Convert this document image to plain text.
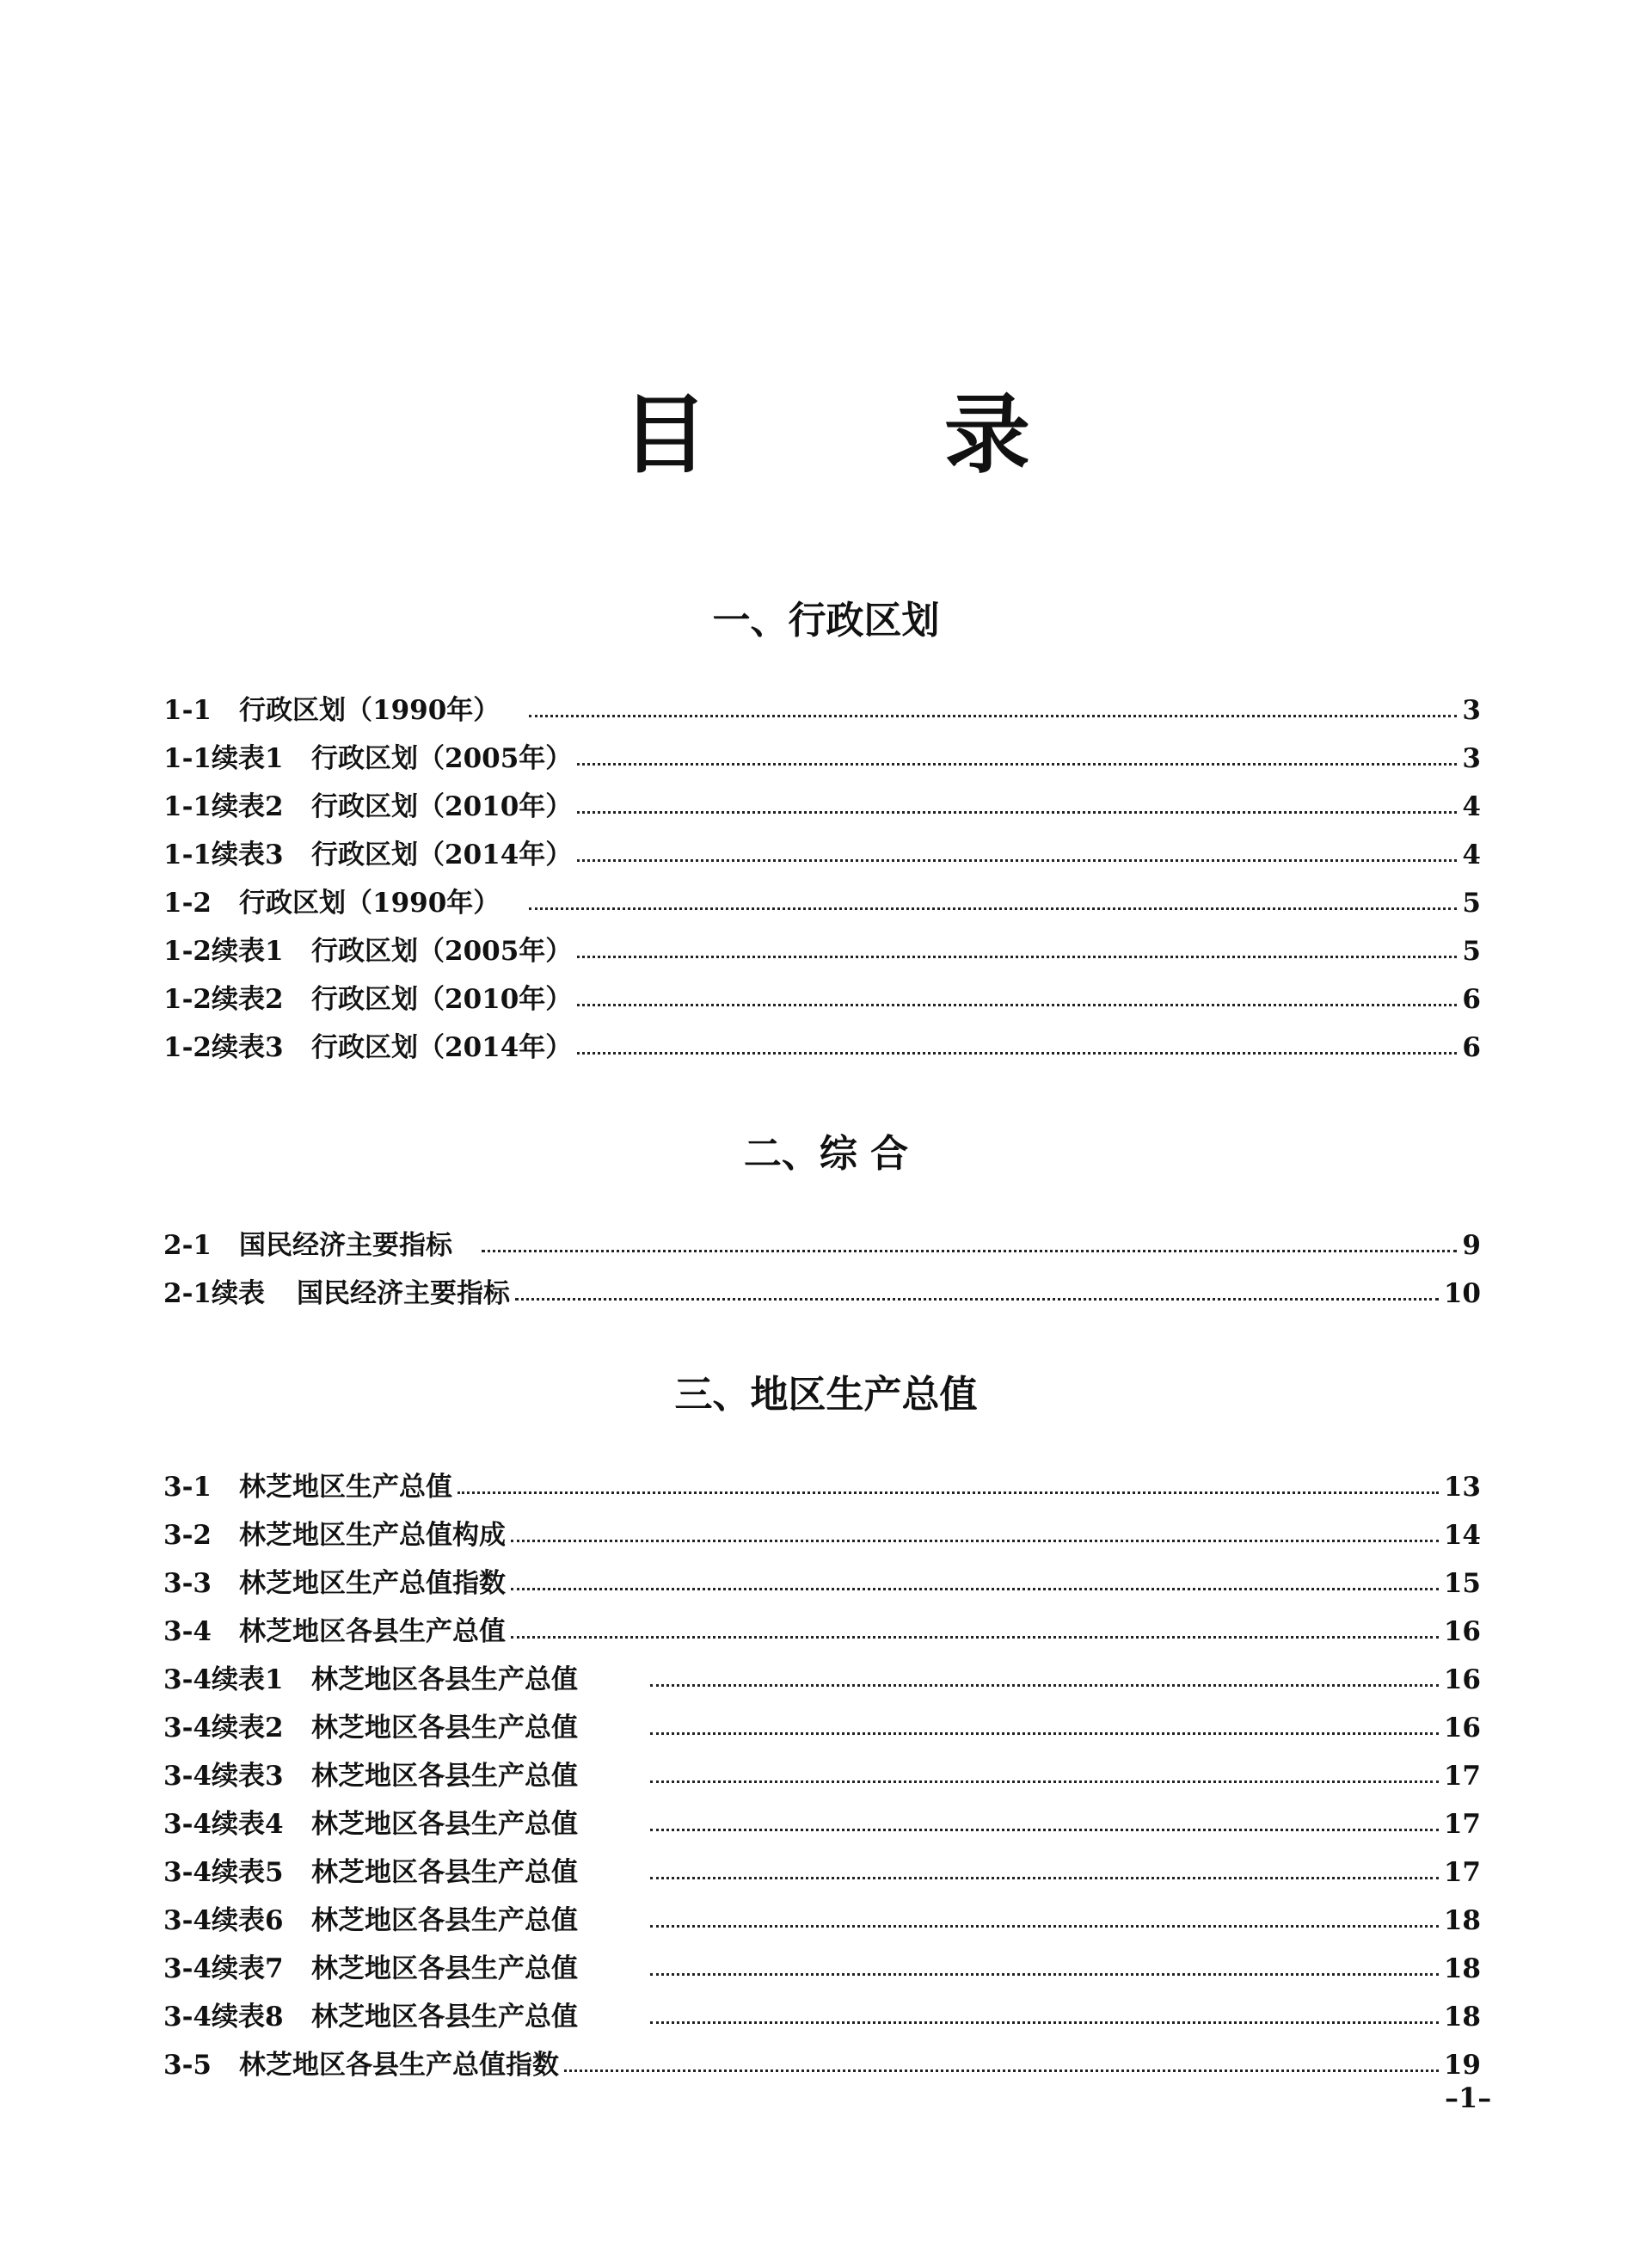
目 录
一、行政区划
1-1	行政区划（1990年）	3
1-1续表1	行政区划（2005年）	3
1-1续表2	行政区划（2010年）	4
1-1续表3	行政区划（2014年）	4
1-2	行政区划（1990年）	5
1-2续表1	行政区划（2005年）	5
1-2续表2	行政区划（2010年）	6
1-2续表3	行政区划（2014年）	6
二、综 合
2-1	国民经济主要指标	9
2-1续表	国民经济主要指标	10
三、地区生产总值
3-1	林芝地区生产总值	13
3-2	林芝地区生产总值构成	14
3-3	林芝地区生产总值指数	15
3-4	林芝地区各县生产总值	16
3-4续表1	林芝地区各县生产总值	16
3-4续表2	林芝地区各县生产总值	16
3-4续表3	林芝地区各县生产总值	17
3-4续表4	林芝地区各县生产总值	17
3-4续表5	林芝地区各县生产总值	17
3-4续表6	林芝地区各县生产总值	18
3-4续表7	林芝地区各县生产总值	18
3-4续表8	林芝地区各县生产总值	18
3-5	林芝地区各县生产总值指数	19
–1–
